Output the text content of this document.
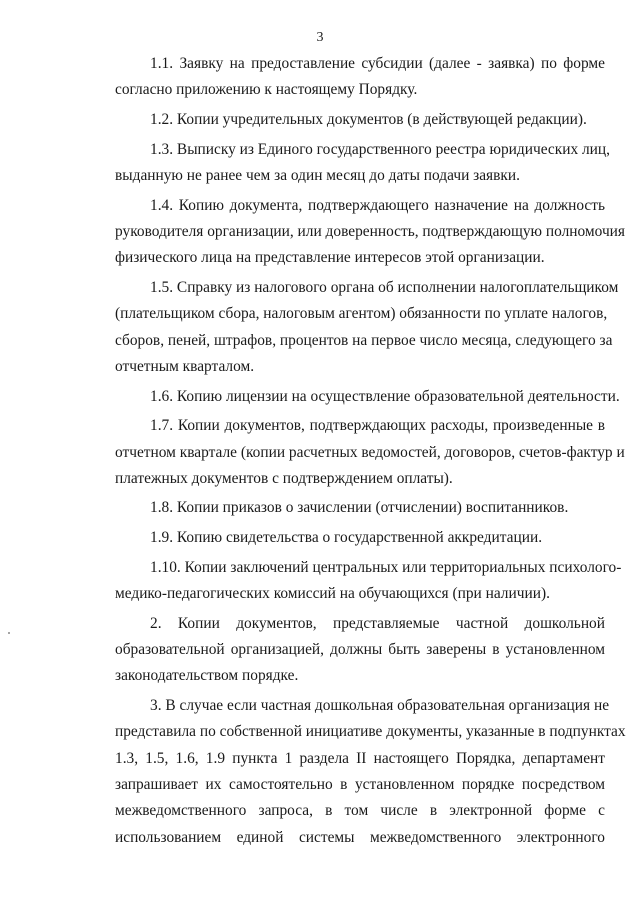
3

1.1. Заявку на предоставление субсидии (далее - заявка) по форме
согласно приложению к настоящему Порядку.

1.2. Копии учредительных документов (в действующей редакции).

1.3. Выписку из Единого государственного реестра юридических лиц,
выданную не ранее чем за один месяц до даты подачи заявки.

1.4. Копию документа, подтверждающего назначение на должность
руководителя организации, или доверенность, подтверждающую полномочия
физического лица на представление интересов этой организации.

1.5. Справку из налогового органа об исполнении налогоплательщиком
(плательщиком сбора, налоговым агентом) обязанности по уплате налогов,
сборов, пеней, штрафов, процентов на первое число месяца, следующего за
отчетным кварталом.

1.6. Копию лицензии на осуществление образовательной деятельности.

1.7. Копии документов, подтверждающих расходы, произведенные в
отчетном квартале (копии расчетных ведомостей, договоров, счетов-фактур и
платежных документов с подтверждением оплаты).

1.8. Копии приказов о зачислении (отчислении) воспитанников.

1.9. Копию свидетельства о государственной аккредитации.

1.10. Копии заключений центральных или территориальных психолого-
медико-педагогических комиссий на обучающихся (при наличии).

2. Копии документов, представляемые частной дошкольной
образовательной организацией, должны быть заверены в установленном
законодательством порядке.

3. В случае если частная дошкольная образовательная организация не
представила по собственной инициативе документы, указанные в подпунктах
1.3, 1.5, 1.6, 1.9 пункта 1 раздела II настоящего Порядка, департамент
запрашивает их самостоятельно в установленном порядке посредством
межведомственного запроса, в том числе в электронной форме с
использованием единой системы межведомственного электронного
